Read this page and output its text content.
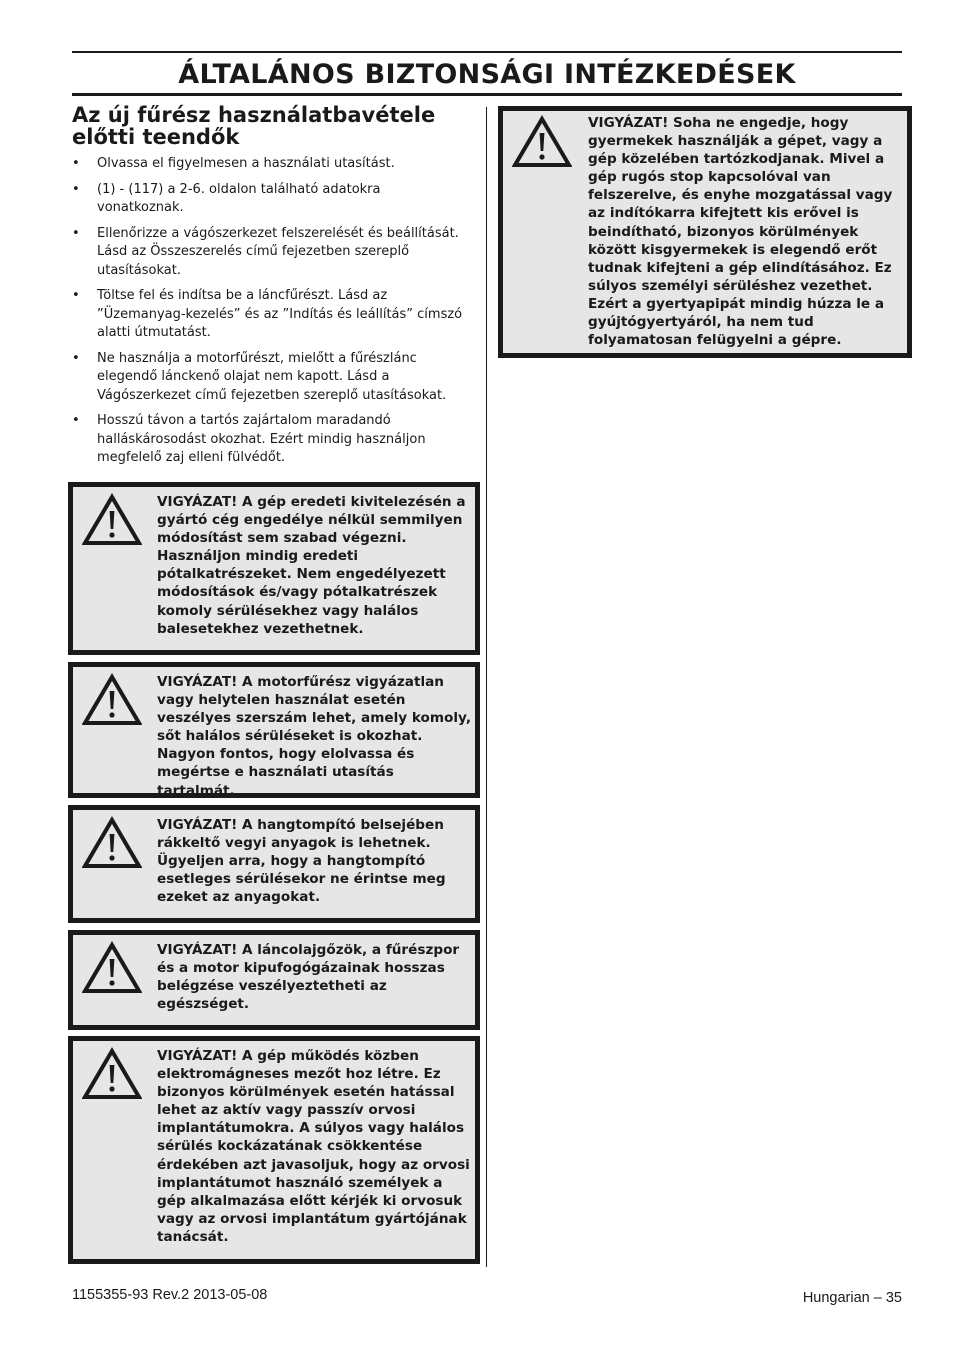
ÁLTALÁNOS BIZTONSÁGI INTÉZKEDÉSEK
Az új fűrész használatbavétele előtti teendők
• Olvassa el figyelmesen a használati utasítást.
• (1) - (117) a 2-6. oldalon található adatokra vonatkoznak.
• Ellenőrizze a vágószerkezet felszerelését és beállítását. Lásd az Összeszerelés című fejezetben szereplő utasításokat.
• Töltse fel és indítsa be a láncfűrészt. Lásd az ”Üzemanyag-kezelés” és az ”Indítás és leállítás” címszó alatti útmutatást.
• Ne használja a motorfűrészt, mielőtt a fűrészlánc elegendő lánckenő olajat nem kapott. Lásd a Vágószerkezet című fejezetben szereplő utasításokat.
• Hosszú távon a tartós zajártalom maradandó halláskárosodást okozhat. Ezért mindig használjon megfelelő zaj elleni fülvédőt.
VIGYÁZAT! A gép eredeti kivitelezésén a gyártó cég engedélye nélkül semmilyen módosítást sem szabad végezni. Használjon mindig eredeti pótalkatrészeket. Nem engedélyezett módosítások és/vagy pótalkatrészek komoly sérülésekhez vagy halálos balesetekhez vezethetnek.
VIGYÁZAT! A motorfűrész vigyázatlan vagy helytelen használat esetén veszélyes szerszám lehet, amely komoly, sőt halálos sérüléseket is okozhat. Nagyon fontos, hogy elolvassa és megértse e használati utasítás tartalmát.
VIGYÁZAT! A hangtompító belsejében rákkeltő vegyi anyagok is lehetnek. Ügyeljen arra, hogy a hangtompító esetleges sérülésekor ne érintse meg ezeket az anyagokat.
VIGYÁZAT! A láncolajgőzök, a fűrészpor és a motor kipufogógázainak hosszas belégzése veszélyeztetheti az egészséget.
VIGYÁZAT! A gép működés közben elektromágneses mezőt hoz létre. Ez bizonyos körülmények esetén hatással lehet az aktív vagy passzív orvosi implantátumokra. A súlyos vagy halálos sérülés kockázatának csökkentése érdekében azt javasoljuk, hogy az orvosi implantátumot használó személyek a gép alkalmazása előtt kérjék ki orvosuk vagy az orvosi implantátum gyártójának tanácsát.
VIGYÁZAT! Soha ne engedje, hogy gyermekek használják a gépet, vagy a gép közelében tartózkodjanak. Mivel a gép rugós stop kapcsolóval van felszerelve, és enyhe mozgatással vagy az indítókarra kifejtett kis erővel is beindítható, bizonyos körülmények között kisgyermekek is elegendő erőt tudnak kifejteni a gép elindításához. Ez súlyos személyi sérüléshez vezethet. Ezért a gyertyapipát mindig húzza le a gyújtógyertyáról, ha nem tud folyamatosan felügyelni a gépre.
1155355-93 Rev.2 2013-05-08	Hungarian – 35
